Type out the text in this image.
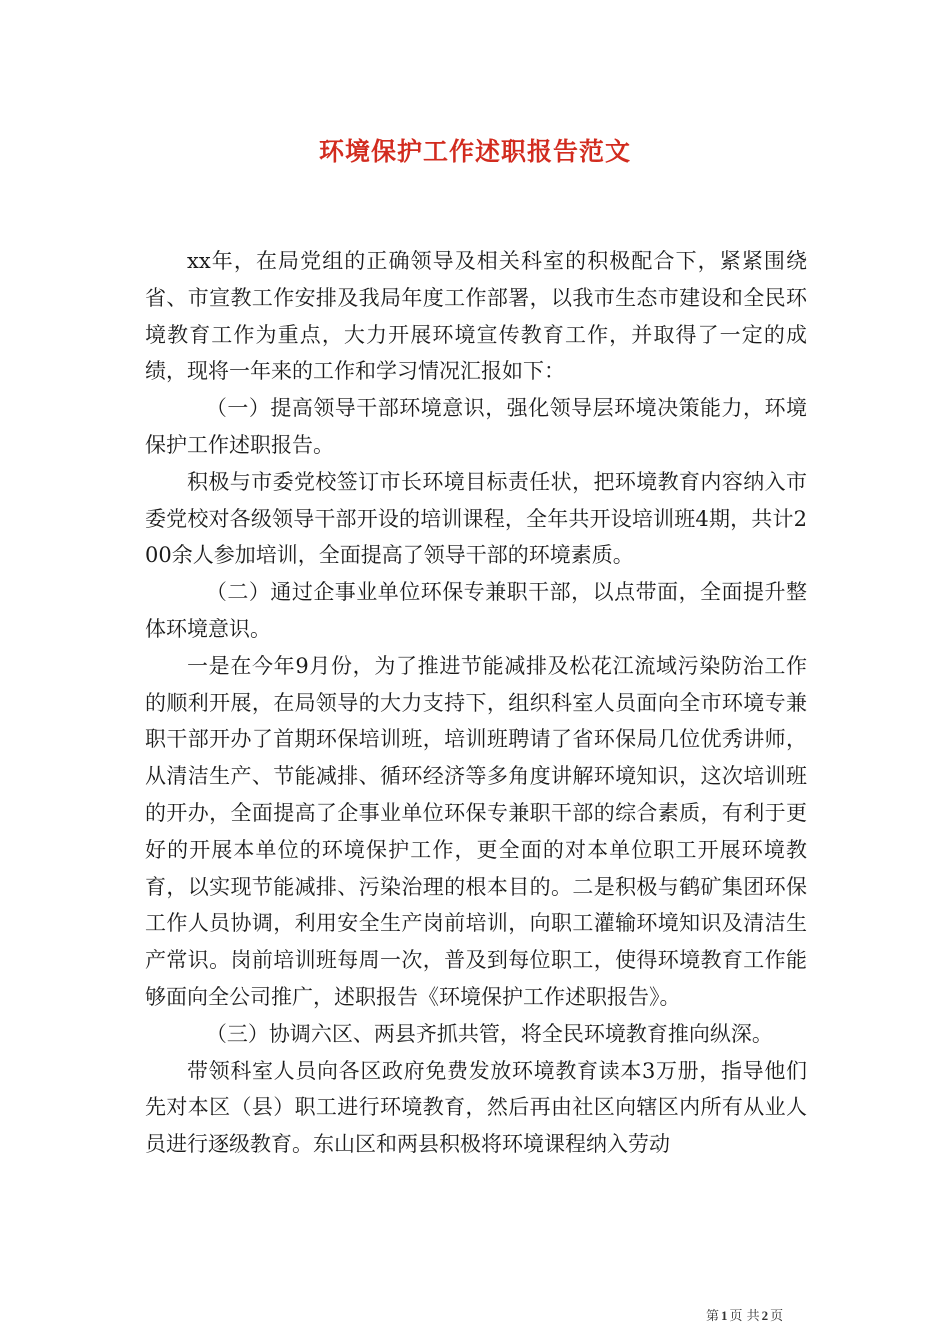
环境保护工作述职报告范文

xx年，在局党组的正确领导及相关科室的积极配合下，紧紧围绕省、市宣教工作安排及我局年度工作部署，以我市生态市建设和全民环境教育工作为重点，大力开展环境宣传教育工作，并取得了一定的成绩，现将一年来的工作和学习情况汇报如下：

（一）提高领导干部环境意识，强化领导层环境决策能力，环境保护工作述职报告。

积极与市委党校签订市长环境目标责任状，把环境教育内容纳入市委党校对各级领导干部开设的培训课程，全年共开设培训班4期，共计200余人参加培训，全面提高了领导干部的环境素质。

（二）通过企事业单位环保专兼职干部，以点带面，全面提升整体环境意识。

一是在今年9月份，为了推进节能减排及松花江流域污染防治工作的顺利开展，在局领导的大力支持下，组织科室人员面向全市环境专兼职干部开办了首期环保培训班，培训班聘请了省环保局几位优秀讲师，从清洁生产、节能减排、循环经济等多角度讲解环境知识，这次培训班的开办，全面提高了企事业单位环保专兼职干部的综合素质，有利于更好的开展本单位的环境保护工作，更全面的对本单位职工开展环境教育，以实现节能减排、污染治理的根本目的。二是积极与鹤矿集团环保工作人员协调，利用安全生产岗前培训，向职工灌输环境知识及清洁生产常识。岗前培训班每周一次，普及到每位职工，使得环境教育工作能够面向全公司推广，述职报告《环境保护工作述职报告》。

（三）协调六区、两县齐抓共管，将全民环境教育推向纵深。

带领科室人员向各区政府免费发放环境教育读本3万册，指导他们先对本区（县）职工进行环境教育，然后再由社区向辖区内所有从业人员进行逐级教育。东山区和两县积极将环境课程纳入劳动

第 1 页 共 2 页
